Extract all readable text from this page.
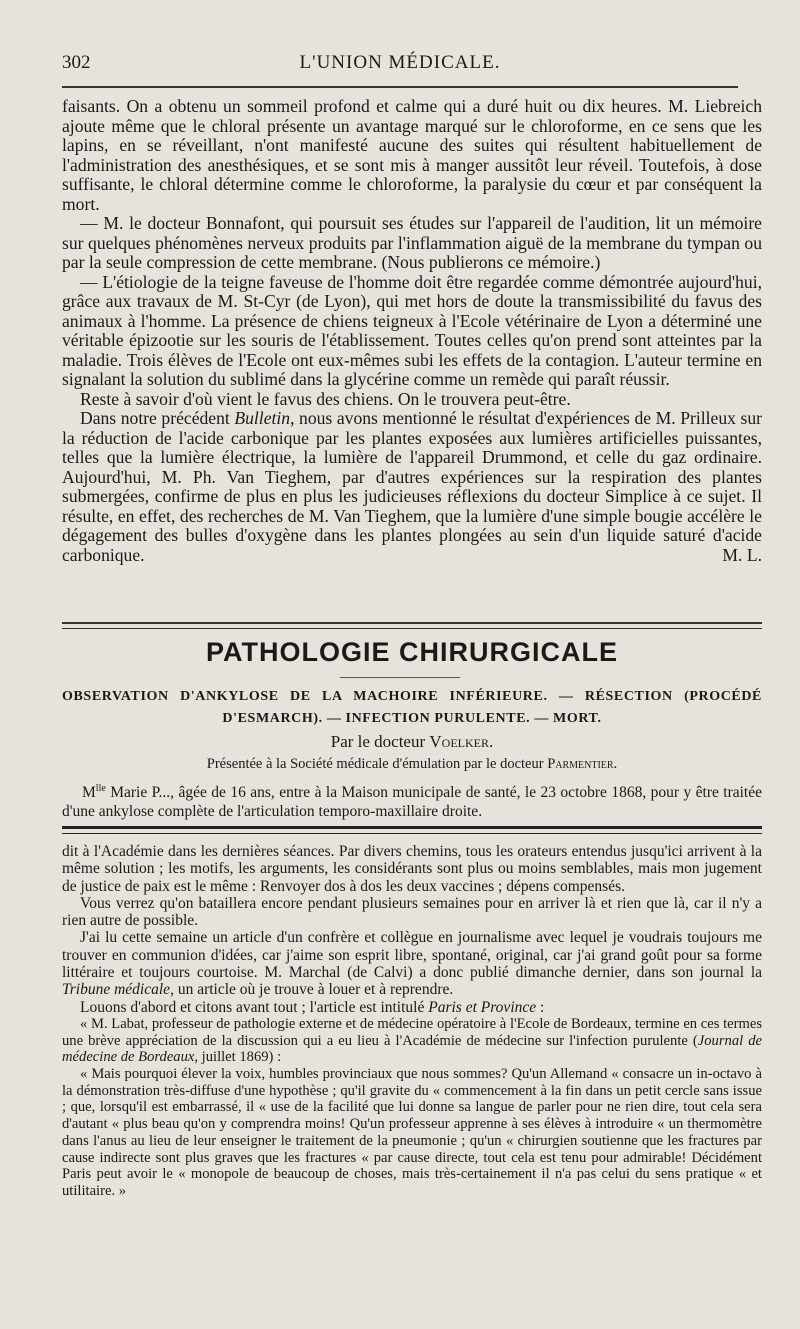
302	L'UNION MÉDICALE.

faisants. On a obtenu un sommeil profond et calme qui a duré huit ou dix heures. M. Liebreich ajoute même que le chloral présente un avantage marqué sur le chloroforme, en ce sens que les lapins, en se réveillant, n'ont manifesté aucune des suites qui résultent habituellement de l'administration des anesthésiques, et se sont mis à manger aussitôt leur réveil. Toutefois, à dose suffisante, le chloral détermine comme le chloroforme, la paralysie du cœur et par conséquent la mort.

— M. le docteur Bonnafont, qui poursuit ses études sur l'appareil de l'audition, lit un mémoire sur quelques phénomènes nerveux produits par l'inflammation aiguë de la membrane du tympan ou par la seule compression de cette membrane. (Nous publierons ce mémoire.)

— L'étiologie de la teigne faveuse de l'homme doit être regardée comme démontrée aujourd'hui, grâce aux travaux de M. St-Cyr (de Lyon), qui met hors de doute la transmissibilité du favus des animaux à l'homme. La présence de chiens teigneux à l'Ecole vétérinaire de Lyon a déterminé une véritable épizootie sur les souris de l'établissement. Toutes celles qu'on prend sont atteintes par la maladie. Trois élèves de l'Ecole ont eux-mêmes subi les effets de la contagion. L'auteur termine en signalant la solution du sublimé dans la glycérine comme un remède qui paraît réussir.

Reste à savoir d'où vient le favus des chiens. On le trouvera peut-être.

Dans notre précédent Bulletin, nous avons mentionné le résultat d'expériences de M. Prilleux sur la réduction de l'acide carbonique par les plantes exposées aux lumières artificielles puissantes, telles que la lumière électrique, la lumière de l'appareil Drummond, et celle du gaz ordinaire. Aujourd'hui, M. Ph. Van Tieghem, par d'autres expériences sur la respiration des plantes submergées, confirme de plus en plus les judicieuses réflexions du docteur Simplice à ce sujet. Il résulte, en effet, des recherches de M. Van Tieghem, que la lumière d'une simple bougie accélère le dégagement des bulles d'oxygène dans les plantes plongées au sein d'un liquide saturé d'acide carbonique.	M. L.

PATHOLOGIE CHIRURGICALE
OBSERVATION D'ANKYLOSE DE LA MACHOIRE INFÉRIEURE. — RÉSECTION (PROCÉDÉ D'ESMARCH). — INFECTION PURULENTE. — MORT.
Par le docteur Voelker.
Présentée à la Société médicale d'émulation par le docteur Parmentier.

$M^{lle}$ Marie P..., âgée de 16 ans, entre à la Maison municipale de santé, le 23 octobre 1868, pour y être traitée d'une ankylose complète de l'articulation temporo-maxillaire droite.

dit à l'Académie dans les dernières séances. Par divers chemins, tous les orateurs entendus jusqu'ici arrivent à la même solution ; les motifs, les arguments, les considérants sont plus ou moins semblables, mais mon jugement de justice de paix est le même : Renvoyer dos à dos les deux vaccines ; dépens compensés.

Vous verrez qu'on bataillera encore pendant plusieurs semaines pour en arriver là et rien que là, car il n'y a rien autre de possible.

J'ai lu cette semaine un article d'un confrère et collègue en journalisme avec lequel je voudrais toujours me trouver en communion d'idées, car j'aime son esprit libre, spontané, original, car j'ai grand goût pour sa forme littéraire et toujours courtoise. M. Marchal (de Calvi) a donc publié dimanche dernier, dans son journal la Tribune médicale, un article où je trouve à louer et à reprendre.

Louons d'abord et citons avant tout ; l'article est intitulé Paris et Province :

« M. Labat, professeur de pathologie externe et de médecine opératoire à l'Ecole de Bordeaux, termine en ces termes une brève appréciation de la discussion qui a eu lieu à l'Académie de médecine sur l'infection purulente (Journal de médecine de Bordeaux, juillet 1869) :

« Mais pourquoi élever la voix, humbles provinciaux que nous sommes? Qu'un Allemand « consacre un in-octavo à la démonstration très-diffuse d'une hypothèse ; qu'il gravite du « commencement à la fin dans un petit cercle sans issue ; que, lorsqu'il est embarrassé, il « use de la facilité que lui donne sa langue de parler pour ne rien dire, tout cela sera d'autant « plus beau qu'on y comprendra moins! Qu'un professeur apprenne à ses élèves à introduire « un thermomètre dans l'anus au lieu de leur enseigner le traitement de la pneumonie ; qu'un « chirurgien soutienne que les fractures par cause indirecte sont plus graves que les fractures « par cause directe, tout cela est tenu pour admirable! Décidément Paris peut avoir le « monopole de beaucoup de choses, mais très-certainement il n'a pas celui du sens pratique « et utilitaire. »
